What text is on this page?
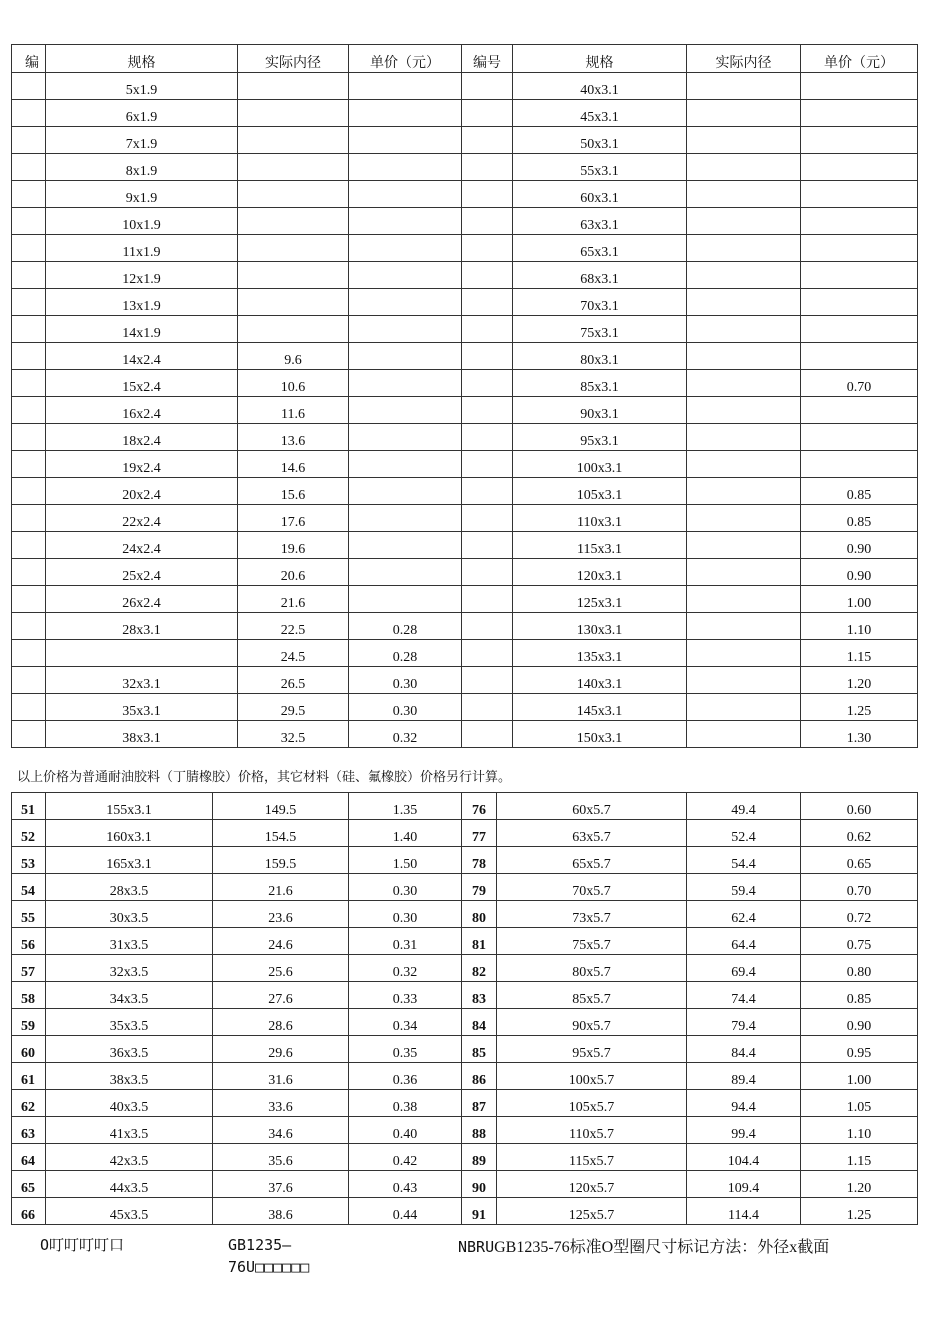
编	规格	实际内径	单价（元）	编号	规格	实际内径	单价（元）
	5x1.9				40x3.1		
	6x1.9				45x3.1		
	7x1.9				50x3.1		
	8x1.9				55x3.1		
	9x1.9				60x3.1		
	10x1.9				63x3.1		
	11x1.9				65x3.1		
	12x1.9				68x3.1		
	13x1.9				70x3.1		
	14x1.9				75x3.1		
	14x2.4	9.6			80x3.1		
	15x2.4	10.6			85x3.1		0.70
	16x2.4	11.6			90x3.1		
	18x2.4	13.6			95x3.1		
	19x2.4	14.6			100x3.1		
	20x2.4	15.6			105x3.1		0.85
	22x2.4	17.6			110x3.1		0.85
	24x2.4	19.6			115x3.1		0.90
	25x2.4	20.6			120x3.1		0.90
	26x2.4	21.6			125x3.1		1.00
	28x3.1	22.5	0.28		130x3.1		1.10
		24.5	0.28		135x3.1		1.15
	32x3.1	26.5	0.30		140x3.1		1.20
	35x3.1	29.5	0.30		145x3.1		1.25
	38x3.1	32.5	0.32		150x3.1		1.30
以上价格为普通耐油胶料（丁腈橡胶）价格，其它材料（硅、氟橡胶）价格另行计算。
51	155x3.1	149.5	1.35	76	60x5.7	49.4	0.60
52	160x3.1	154.5	1.40	77	63x5.7	52.4	0.62
53	165x3.1	159.5	1.50	78	65x5.7	54.4	0.65
54	28x3.5	21.6	0.30	79	70x5.7	59.4	0.70
55	30x3.5	23.6	0.30	80	73x5.7	62.4	0.72
56	31x3.5	24.6	0.31	81	75x5.7	64.4	0.75
57	32x3.5	25.6	0.32	82	80x5.7	69.4	0.80
58	34x3.5	27.6	0.33	83	85x5.7	74.4	0.85
59	35x3.5	28.6	0.34	84	90x5.7	79.4	0.90
60	36x3.5	29.6	0.35	85	95x5.7	84.4	0.95
61	38x3.5	31.6	0.36	86	100x5.7	89.4	1.00
62	40x3.5	33.6	0.38	87	105x5.7	94.4	1.05
63	41x3.5	34.6	0.40	88	110x5.7	99.4	1.10
64	42x3.5	35.6	0.42	89	115x5.7	104.4	1.15
65	44x3.5	37.6	0.43	90	120x5.7	109.4	1.20
66	45x3.5	38.6	0.44	91	125x5.7	114.4	1.25
O叮叮叮叮口	GB1235—
76U□□□□□□
NBRUGB1235-76标准O型圈尺寸标记方法：外径x截面
